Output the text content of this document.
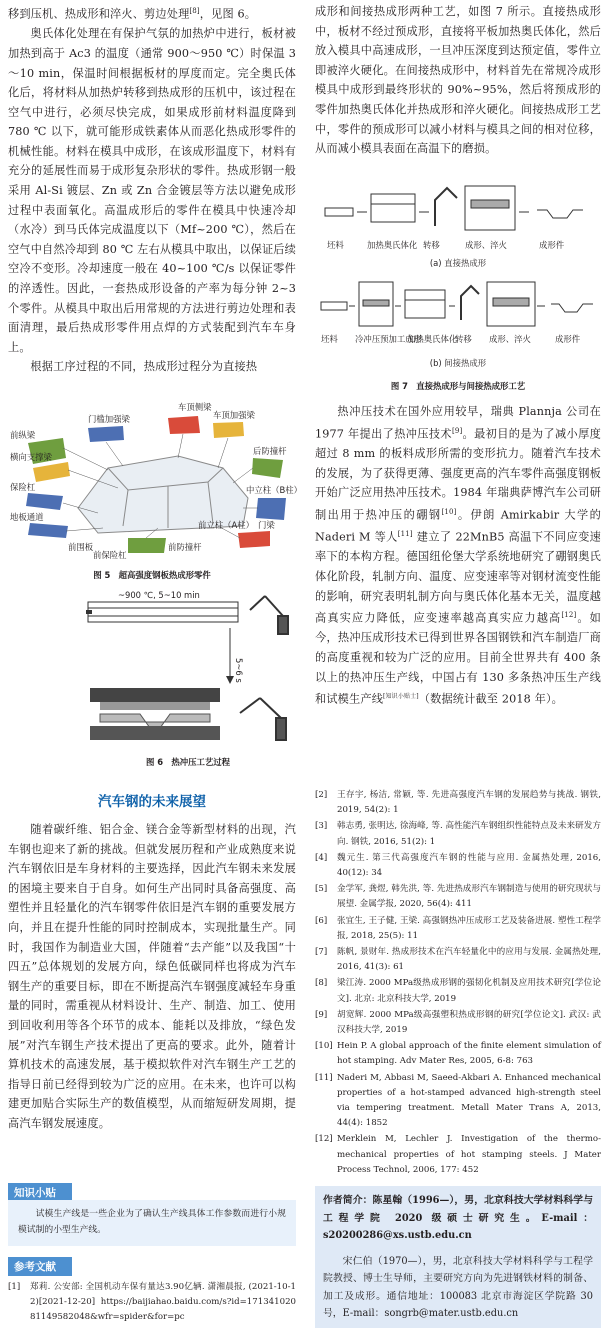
移到压机、热成形和淬火、剪边处理[8]，见图 6。

奥氏体化处理在有保护气氛的加热炉中进行，板材被加热到高于 Ac3 的温度（通常 900～950 ℃）时保温 3～10 min，保温时间根据板材的厚度而定。完全奥氏体化后，将材料从加热炉转移到热成形的压机中，该过程在空气中进行，必须尽快完成，如果成形前材料温度降到 780 ℃ 以下，就可能形成铁素体从而恶化热成形零件的机械性能。材料在模具中成形，在该成形温度下，材料有充分的延展性而易于成形复杂形状的零件。热成形钢一般采用 Al-Si 镀层、Zn 或 Zn 合金镀层等方法以避免成形过程中表面氧化。高温成形后的零件在模具中快速冷却（水冷）到马氏体完成温度以下（Mf~200 ℃），然后在空气中自然冷却到 80 ℃ 左右从模具中取出，以保证后续空冷不变形。冷却速度一般在 40~100 ℃/s 以保证零件的淬透性。因此，一套热成形设备的产率为每分钟 2~3 个零件。从模具中取出后用常规的方法进行剪边处理和表面清理，最后热成形零件用点焊的方式装配到汽车车身上。

根据工序过程的不同，热成形过程分为直接热

车顶侧梁
门槛加强梁	车顶加强梁
后防撞杆
前纵梁
横向支撑梁
中立柱（B柱）
保险杠
地板通道
前立柱（A柱） 门梁
前防撞杆
前围板
前保险杠
图 5　超高强度钢板热成形零件
~900 ℃, 5~10 min
5~6 s
图 6　热冲压工艺过程

成形和间接热成形两种工艺，如图 7 所示。直接热成形中，板材不经过预成形，直接将平板加热奥氏体化，然后放入模具中高速成形，一旦冲压深度到达预定值，零件立即被淬火硬化。在间接热成形中，材料首先在常规冷成形模具中成形到最终形状的 90%~95%，然后将预成形的零件加热奥氏体化并热成形和淬火硬化。间接热成形工艺中，零件的预成形可以减小材料与模具之间的相对位移，从而减小模具表面在高温下的磨损。

坯料	加热奥氏体化 转移	成形、淬火	成形件
(a) 直接热成形
坯料 冷冲压预加工成形
加热奥氏体化
转移 成形、淬火	成形件
(b) 间接热成形
图 7　直接热成形与间接热成形工艺

热冲压技术在国外应用较早，瑞典 Plannja 公司在 1977 年提出了热冲压技术[9]。最初目的是为了减小厚度超过 8 mm 的板料成形所需的变形抗力。随着汽车技术的发展，为了获得更薄、强度更高的汽车零件高强度钢板开始广泛应用热冲压技术。1984 年瑞典萨博汽车公司研制出用于热冲压的硼钢[10]。伊朗 Amirkabir 大学的 Naderi M 等人[11] 建立了 22MnB5 高温下不同应变速率下的本构方程。德国纽伦堡大学系统地研究了硼钢奥氏体化阶段，轧制方向、温度、应变速率等对钢材流变性能的影响，研究表明轧制方向与奥氏体化基本无关，温度越高真实应力降低，应变速率越高真实应力越高[12]。如今，热冲压成形技术已得到世界各国钢铁和汽车制造厂商的高度重视和较为广泛的应用。目前全世界共有 400 条以上的热冲压生产线，中国占有 130 多条热冲压生产线和试模生产线[知识小贴士]（数据统计截至 2018 年）。

汽车钢的未来展望

随着碳纤维、铝合金、镁合金等新型材料的出现，汽车钢也迎来了新的挑战。但就发展历程和产业成熟度来说汽车钢依旧是车身材料的主要选择，因此汽车钢未来发展的困境主要来自于自身。如何生产出同时具备高强度、高塑性并且轻量化的汽车钢零件依旧是汽车钢的重要发展方向，并且在提升性能的同时控制成本，实现批量生产。同时，我国作为制造业大国，伴随着“去产能”以及我国“十四五”总体规划的发展方向，绿色低碳同样也将成为汽车钢生产的重要目标，即在不断提高汽车钢强度减轻车身重量的同时，需重视从材料设计、生产、制造、加工、使用到回收利用等各个环节的成本、能耗以及排放，“绿色发展”对汽车钢生产技术提出了更高的要求。此外，随着计算机技术的高速发展，基于模拟软件对汽车钢生产工艺的指导日前已经得到较为广泛的应用。在未来，也许可以构建更加贴合实际生产的数值模型，从而缩短研发周期，提高汽车钢发展速度。

知识小贴
试模生产线是一些企业为了确认生产线具体工作参数而进行小规模试制的小型生产线。
参考文献
[1]	郑莉. 公安部: 全国机动车保有量达3.90亿辆. 潇湘晨报, (2021-10-12)[2021-12-20] https://baijiahao.baidu.com/s?id=17134102081149582048&wfr=spider&for=pc
[2]	王存宇, 杨洁, 常颖, 等. 先进高强度汽车钢的发展趋势与挑战. 钢铁, 2019, 54(2): 1
[3]	韩志勇, 张明达, 徐海峰, 等. 高性能汽车钢组织性能特点及未来研发方向. 钢铁, 2016, 51(2): 1
[4]	魏元生. 第三代高强度汽车钢的性能与应用. 金属热处理, 2016, 40(12): 34
[5]	金学军, 龚煜, 韩先洪, 等. 先进热成形汽车钢制造与使用的研究现状与展望. 金属学报, 2020, 56(4): 411
[6]	张宜生, 王子健, 王梁. 高强钢热冲压成形工艺及装备进展. 塑性工程学报, 2018, 25(5): 11
[7]	陈帆, 景财年. 热成形技术在汽车轻量化中的应用与发展. 金属热处理, 2016, 41(3): 61
[8]	梁江涛. 2000 MPa级热成形钢的强韧化机制及应用技术研究[学位论文]. 北京: 北京科技大学, 2019
[9]	胡宽辉. 2000 MPa级高强塑积热成形钢的研究[学位论文]. 武汉: 武汉科技大学, 2019
[10] Hein P. A global approach of the finite element simulation of hot stamping. Adv Mater Res, 2005, 6-8: 763
[11] Naderi M, Abbasi M, Saeed-Akbari A. Enhanced mechanical properties of a hot-stamped advanced high-strength steel via tempering treatment. Metall Mater Trans A, 2013, 44(4): 1852
[12] Merklein M, Lechler J. Investigation of the thermo-mechanical properties of hot stamping steels. J Mater Process Technol, 2006, 177: 452
作者简介：陈星翰（1996—），男，北京科技大学材料科学与工程学院 2020 级硕士研究生。E-mail：s20200286@xs.ustb.edu.cn
宋仁伯（1970—），男，北京科技大学材料科学与工程学院教授、博士生导师，主要研究方向为先进钢铁材料的制备、加工及成形。通信地址：100083 北京市海淀区学院路 30 号，E-mail：songrb@mater.ustb.edu.cn
